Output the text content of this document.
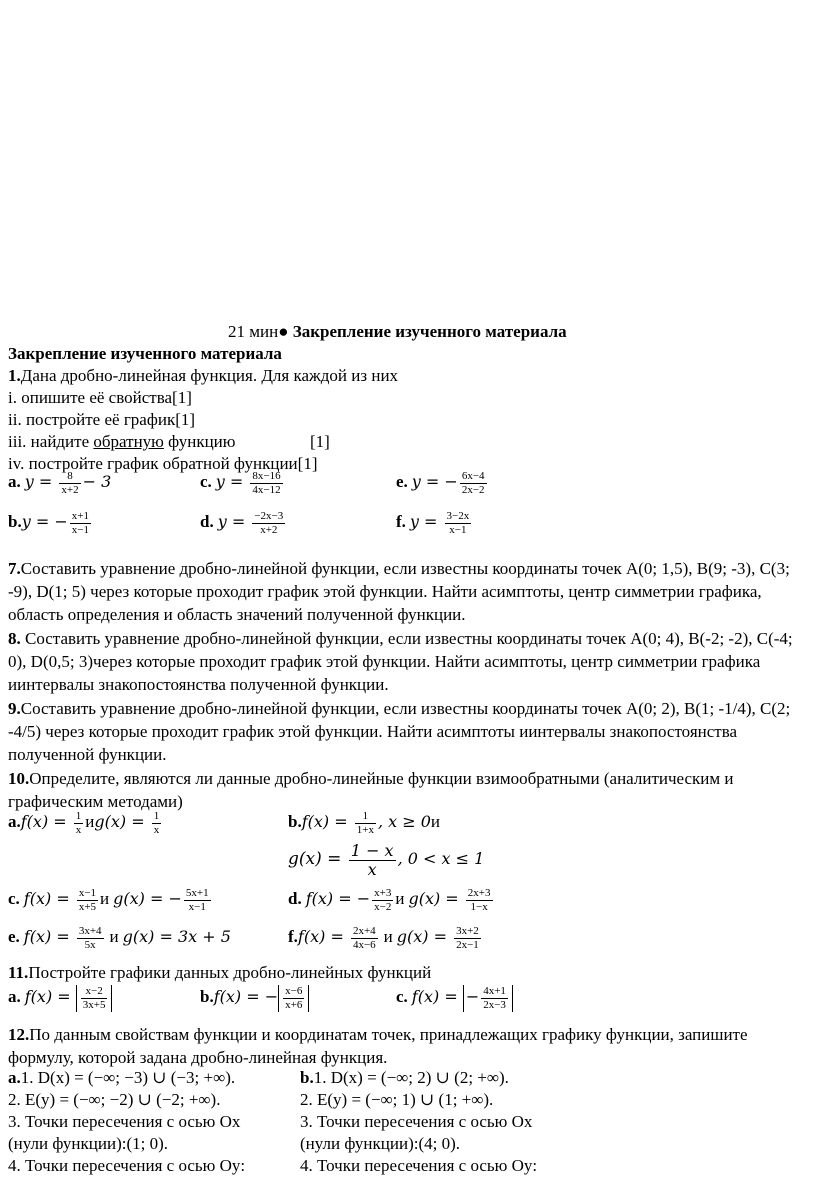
21 мин● Закрепление изученного материала
Закрепление изученного материала
1.Дана дробно-линейная функция. Для каждой из них
i. опишите её свойства[1]
ii. постройте её график[1]
iii. найдите обратную функцию	[1]
iv. постройте график обратной функции[1]
a. $y = \frac{8}{x+2} - 3$	c. $y = \frac{8x-16}{4x-12}$	e. y = − $\frac{6x-4}{2x-2}$
b.y = − $\frac{x+1}{x-1}$	d. $y = \frac{-2x-3}{x+2}$	f. $y = \frac{3-2x}{x-1}$
7.Составить уравнение дробно-линейной функции, если известны координаты точек A(0; 1,5), B(9; -3), C(3; -9), D(1; 5) через которые проходит график этой функции. Найти асимптоты, центр симметрии графика, область определения и область значений полученной функции.
8. Составить уравнение дробно-линейной функции, если известны координаты точек A(0; 4), B(-2; -2), C(-4; 0), D(0,5; 3)через которые проходит график этой функции. Найти асимптоты, центр симметрии графика иинтервалы знакопостоянства полученной функции.
9.Составить уравнение дробно-линейной функции, если известны координаты точек A(0; 2), B(1; -1/4), C(2; -4/5) через которые проходит график этой функции. Найти асимптоты иинтервалы знакопостоянства полученной функции.
10.Определите, являются ли данные дробно-линейные функции взимообратными (аналитическим и графическим методами)
$a.f(x) = \frac{1}{x} иg(x) = \frac{1}{x}$	$b.f(x) = \frac{1}{1+x}$ , x ≥ 0и
$g(x) = \frac{1 - x}{x}$ , 0 < x ≤ 1
c. $f(x) = \frac{x-1}{x+5}$ и g(x) = − $\frac{5x+1}{x-1}$	d. f(x) = − $\frac{x+3}{x-2}$ и $g(x) = \frac{2x+3}{1-x}$
e. $f(x) = \frac{3x+4}{5x}$ и g(x) = 3x + 5	$f.f(x) = \frac{2x+4}{4x-6}$ и $g(x) = \frac{3x+2}{2x-1}$
11.Постройте графики данных дробно-линейных функций
a. $f(x) = \frac{x-2}{3x+5}$	b.f(x) = − $\frac{x-6}{x+6}$	c. f(x) = − $\frac{4x+1}{2x-3}$
12.По данным свойствам функции и координатам точек, принадлежащих графику функции, запишите формулу, которой задана дробно-линейная функция.
a.1. D(x) = (−∞; −3) ∪ (−3; +∞).
2. E(y) = (−∞; −2) ∪ (−2; +∞).
3. Точки пересечения с осью Ox
(нули функции):(1; 0).
4. Точки пересечения с осью Oy:
b.1. D(x) = (−∞; 2) ∪ (2; +∞).
2. E(y) = (−∞; 1) ∪ (1; +∞).
3. Точки пересечения с осью Ox
(нули функции):(4; 0).
4. Точки пересечения с осью Oy:
